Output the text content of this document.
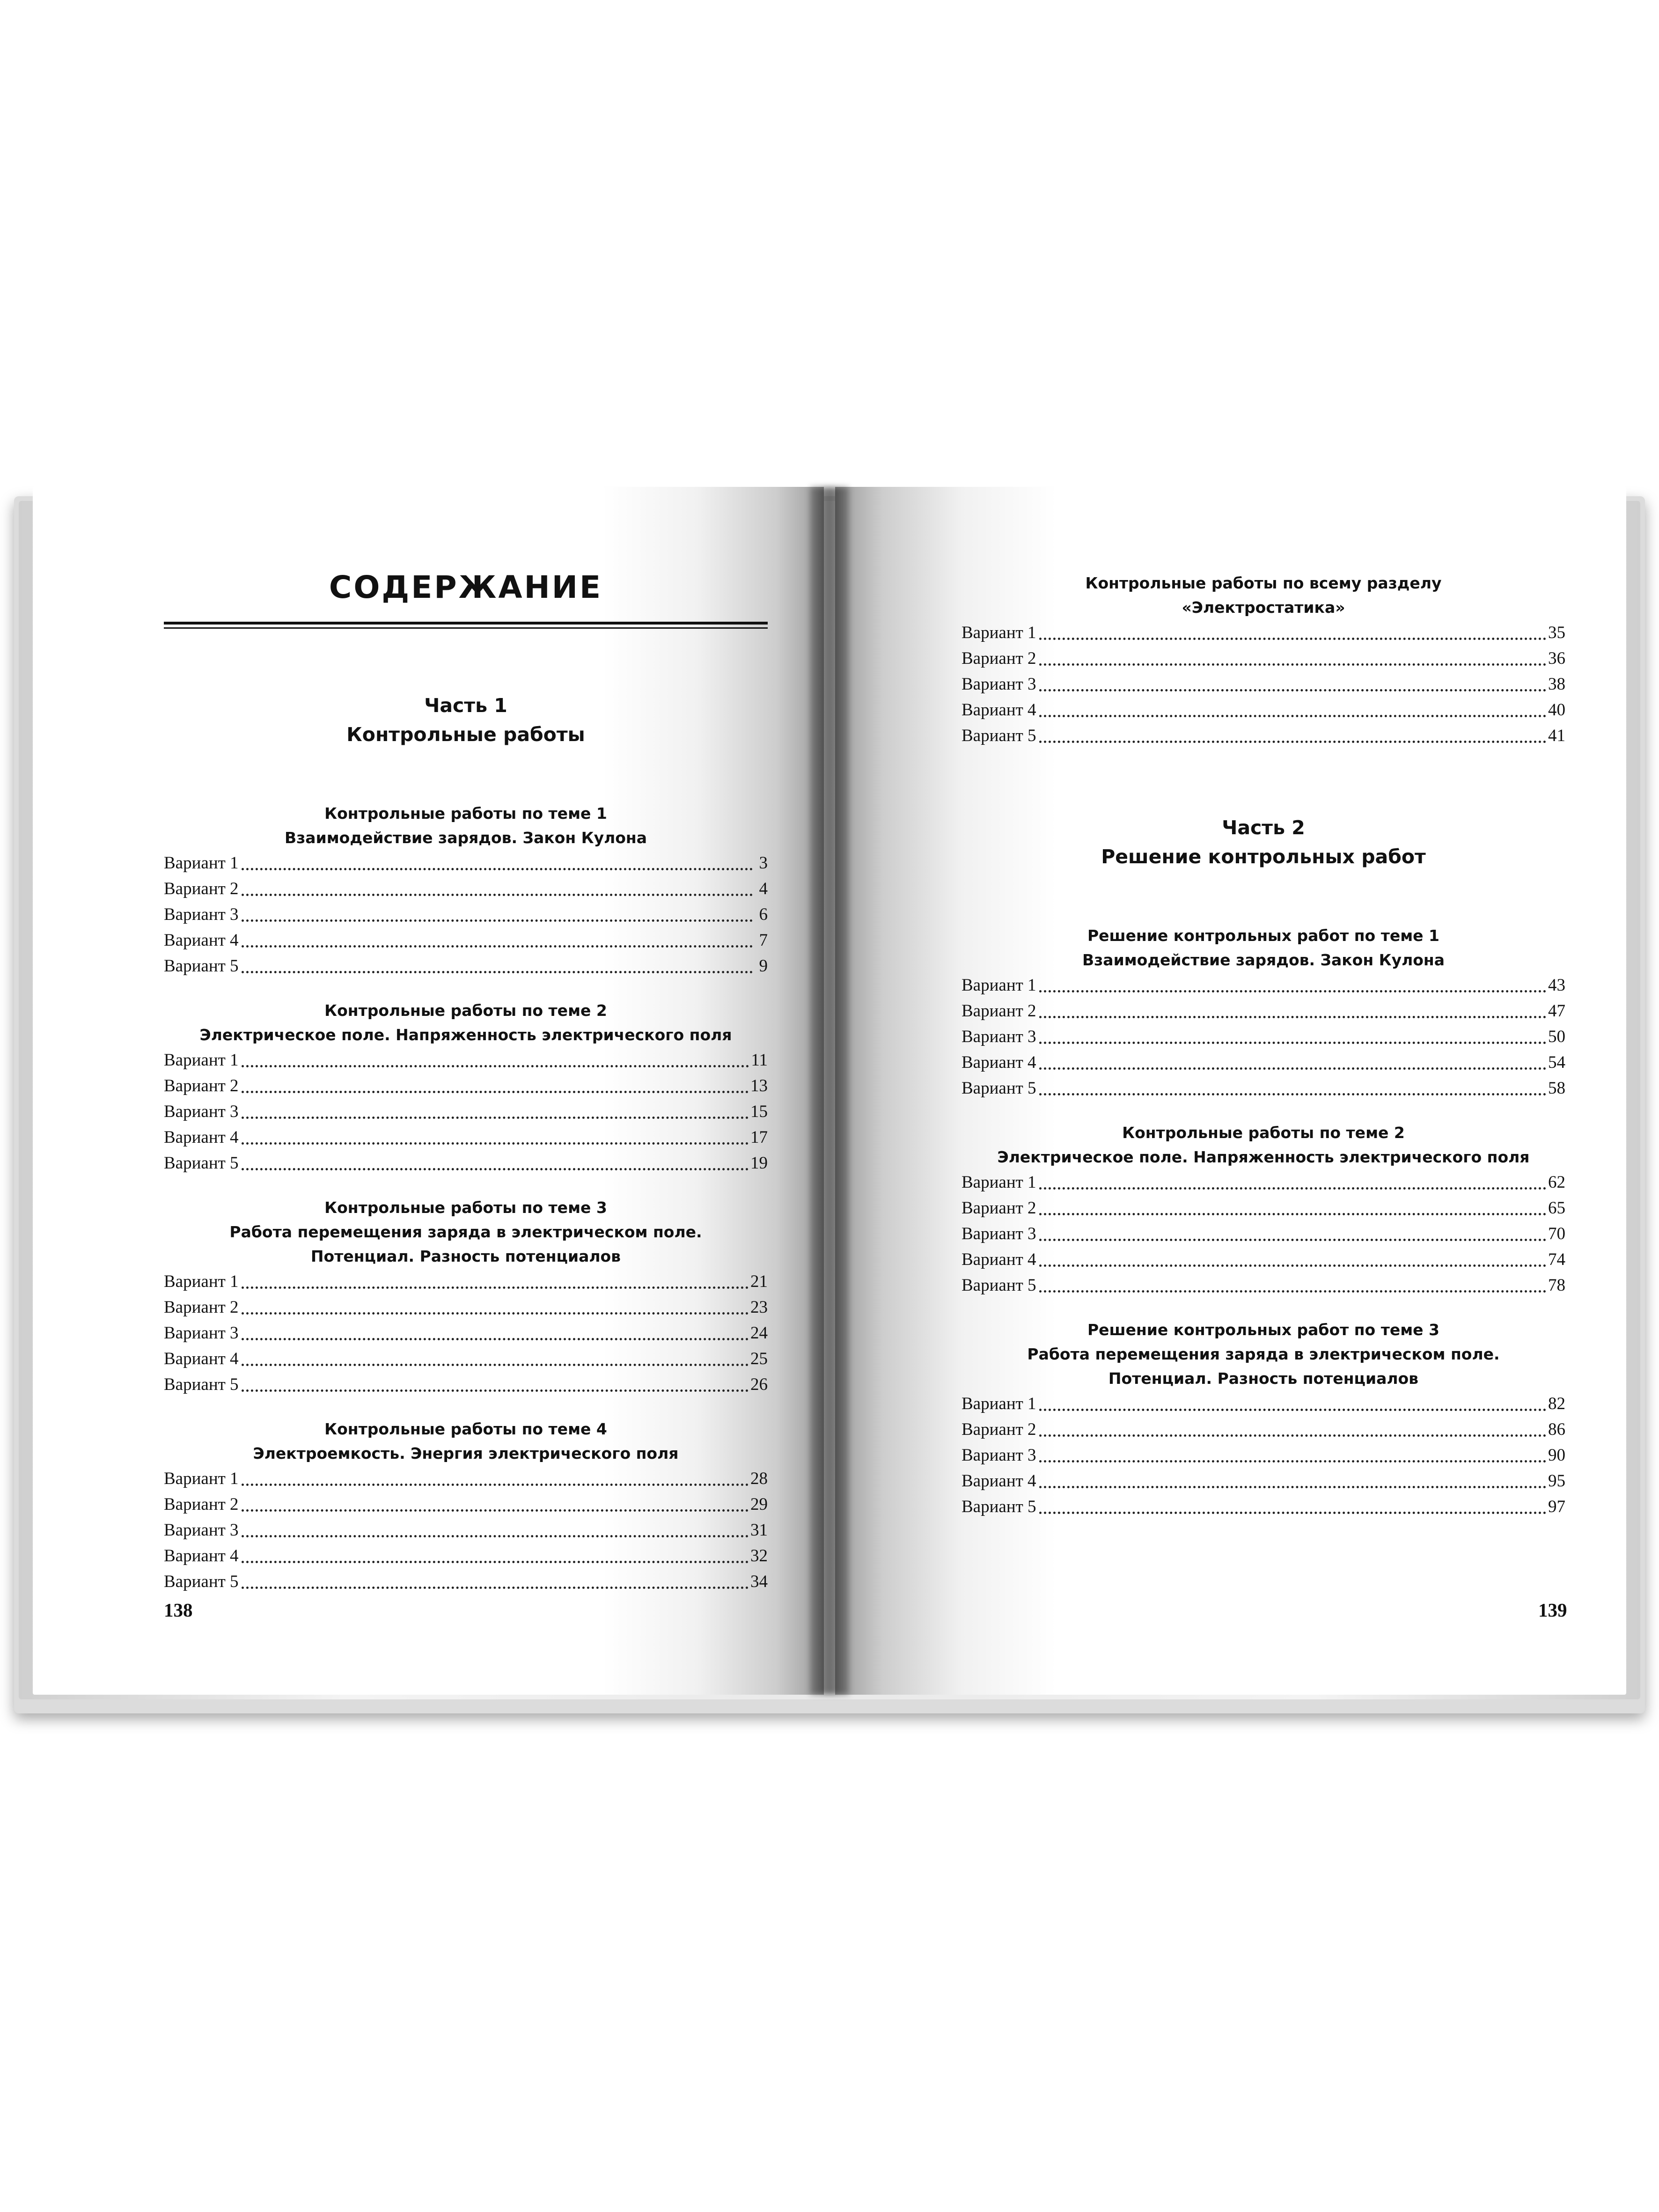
СОДЕРЖАНИЕ
Часть 1
Контрольные работы
Контрольные работы по теме 1
Взаимодействие зарядов. Закон Кулона
Вариант 1	3
Вариант 2	4
Вариант 3	6
Вариант 4	7
Вариант 5	9
Контрольные работы по теме 2
Электрическое поле. Напряженность электрического поля
Вариант 1	11
Вариант 2	13
Вариант 3	15
Вариант 4	17
Вариант 5	19
Контрольные работы по теме 3
Работа перемещения заряда в электрическом поле.
Потенциал. Разность потенциалов
Вариант 1	21
Вариант 2	23
Вариант 3	24
Вариант 4	25
Вариант 5	26
Контрольные работы по теме 4
Электроемкость. Энергия электрического поля
Вариант 1	28
Вариант 2	29
Вариант 3	31
Вариант 4	32
Вариант 5	34
138
Контрольные работы по всему разделу
«Электростатика»
Вариант 1	35
Вариант 2	36
Вариант 3	38
Вариант 4	40
Вариант 5	41
Часть 2
Решение контрольных работ
Решение контрольных работ по теме 1
Взаимодействие зарядов. Закон Кулона
Вариант 1	43
Вариант 2	47
Вариант 3	50
Вариант 4	54
Вариант 5	58
Контрольные работы по теме 2
Электрическое поле. Напряженность электрического поля
Вариант 1	62
Вариант 2	65
Вариант 3	70
Вариант 4	74
Вариант 5	78
Решение контрольных работ по теме 3
Работа перемещения заряда в электрическом поле.
Потенциал. Разность потенциалов
Вариант 1	82
Вариант 2	86
Вариант 3	90
Вариант 4	95
Вариант 5	97
139
